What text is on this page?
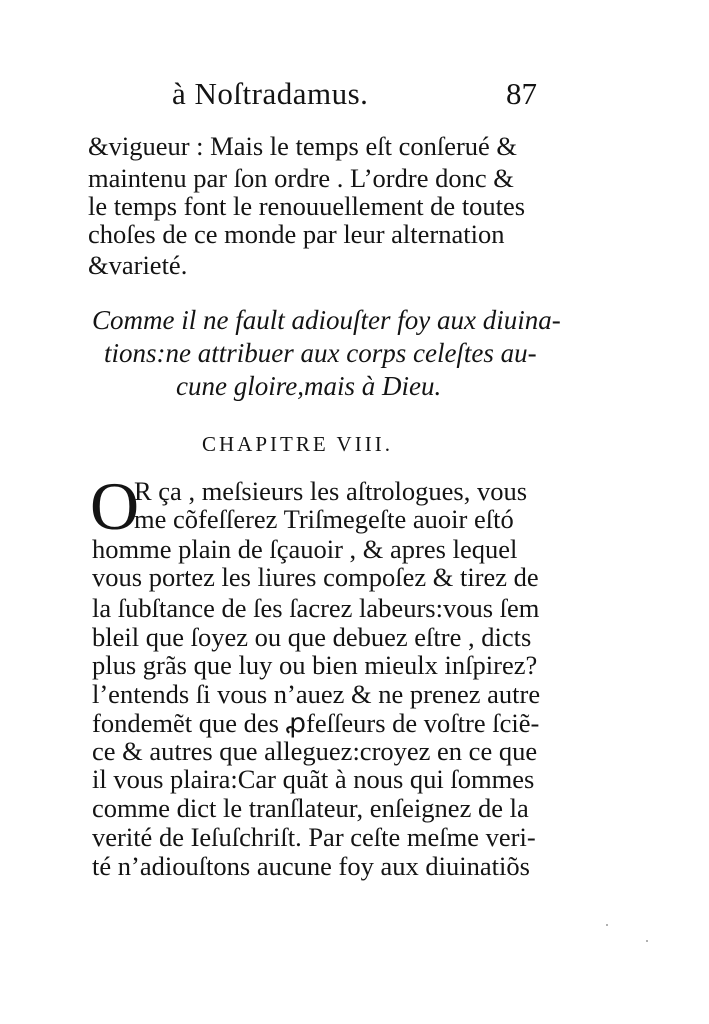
à Noſtradamus.	87
&vigueur : Mais le temps eſt conſerué &
maintenu par ſon ordre . L’ordre donc &
le temps font le renouuellement de toutes
choſes de ce monde par leur alternation
&varieté.
Comme il ne fault adiouſter foy aux diuina-
tions:ne attribuer aux corps celeſtes au-
cune gloire,mais à Dieu.
CHAPITRE VIII.
O
R ça , meſsieurs les aſtrologues, vous
me cõfeſſerez Triſmegeſte auoir eſtó
homme plain de ſçauoir , & apres lequel
vous portez les liures compoſez & tirez de
la ſubſtance de ſes ſacrez labeurs:vous ſem
bleil que ſoyez ou que debuez eſtre , dicts
plus grãs que luy ou bien mieulx inſpirez?
l’entends ſi vous n’auez & ne prenez autre
fondemẽt que des ꝓfeſſeurs de voſtre ſciẽ-
ce & autres que alleguez:croyez en ce que
il vous plaira:Car quãt à nous qui ſommes
comme dict le tranſlateur, enſeignez de la
verité de Ieſuſchriſt. Par ceſte meſme veri-
té n’adiouſtons aucune foy aux diuinatiõs
